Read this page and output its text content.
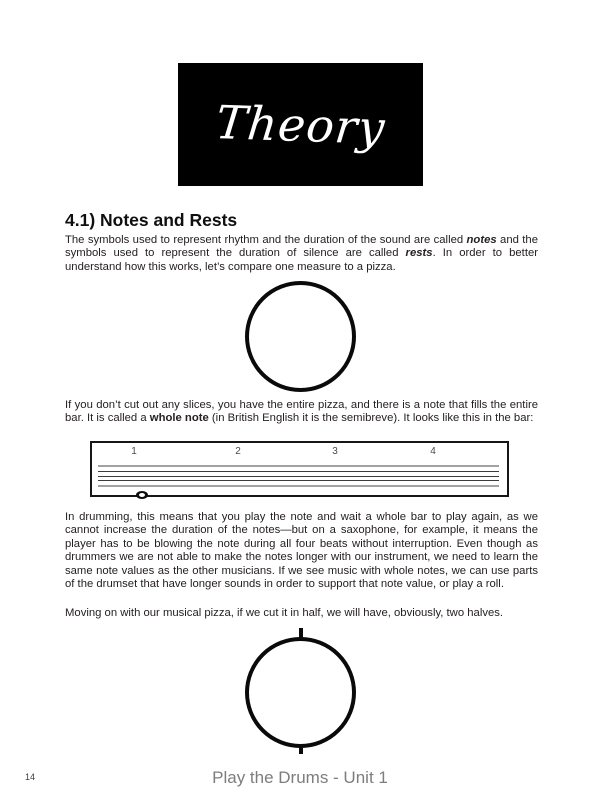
Theory
4.1) Notes and Rests
The symbols used to represent rhythm and the duration of the sound are called notes and the symbols used to represent the duration of silence are called rests. In order to better understand how this works, let’s compare one measure to a pizza.
If you don’t cut out any slices, you have the entire pizza, and there is a note that fills the entire bar. It is called a whole note (in British English it is the semibreve). It looks like this in the bar:
1	2	3	4
In drumming, this means that you play the note and wait a whole bar to play again, as we cannot increase the duration of the notes—but on a saxophone, for example, it means the player has to be blowing the note during all four beats without interruption. Even though as drummers we are not able to make the notes longer with our instrument, we need to learn the same note values as the other musicians. If we see music with whole notes, we can use parts of the drumset that have longer sounds in order to support that note value, or play a roll.
Moving on with our musical pizza, if we cut it in half, we will have, obviously, two halves.
14	Play the Drums - Unit 1
